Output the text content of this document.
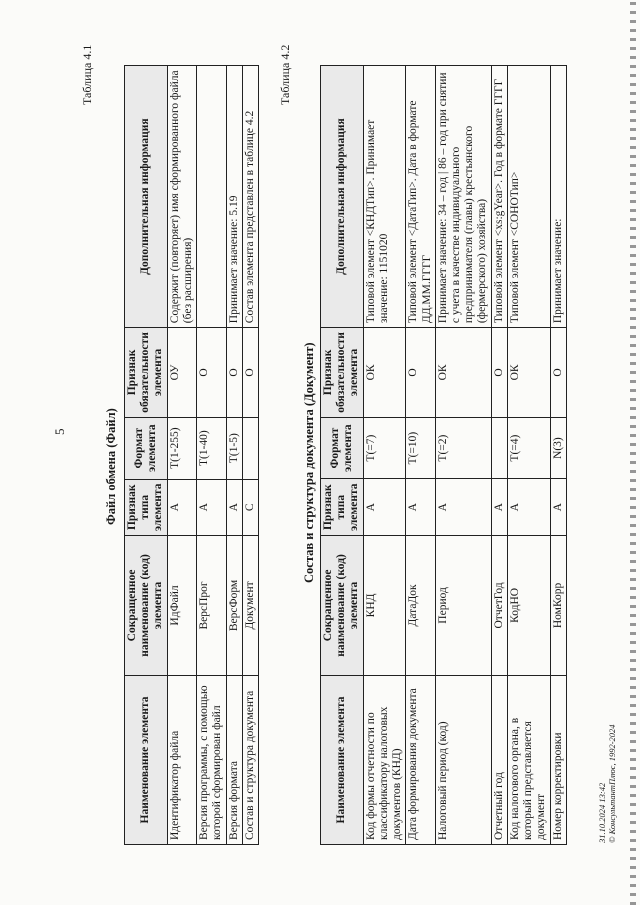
5
Таблица 4.1
Файл обмена (Файл)
Наименование элемента	Сокращенное наименование (код) элемента	Признак типа элемента	Формат элемента	Признак обязательности элемента	Дополнительная информация
Идентификатор файла	ИдФайл	А	Т(1-255)	ОУ	Содержит (повторяет) имя сформированного файла (без расширения)
Версия программы, с помощью которой сформирован файл	ВерсПрог	А	Т(1-40)	О	
Версия формата	ВерсФорм	А	Т(1-5)	О	Принимает значение: 5.19
Состав и структура документа	Документ	С		О	Состав элемента представлен в таблице 4.2
Таблица 4.2
Состав и структура документа (Документ)
Наименование элемента	Сокращенное наименование (код) элемента	Признак типа элемента	Формат элемента	Признак обязательности элемента	Дополнительная информация
Код формы отчетности по классификатору налоговых документов (КНД)	КНД	А	Т(=7)	ОК	Типовой элемент <КНДТип>. Принимает значение: 1151020
Дата формирования документа	ДатаДок	А	Т(=10)	О	Типовой элемент <ДатаТип>. Дата в формате ДД.ММ.ГГГГ
Налоговый период (код)	Период	А	Т(=2)	ОК	Принимает значение: 34 – год | 86 – год при снятии с учета в качестве индивидуального предпринимателя (главы) крестьянского (фермерского) хозяйства)
Отчетный год	ОтчетГод	А		О	Типовой элемент <xs:gYear>. Год в формате ГГГГ
Код налогового органа, в который представляется документ	КодНО	А	Т(=4)	ОК	Типовой элемент <СОНОТип>
Номер корректировки	НомКорр	А	N(3)	О	Принимает значение:
31.10.2024 13:42 © КонсультантПлюс, 1992-2024
